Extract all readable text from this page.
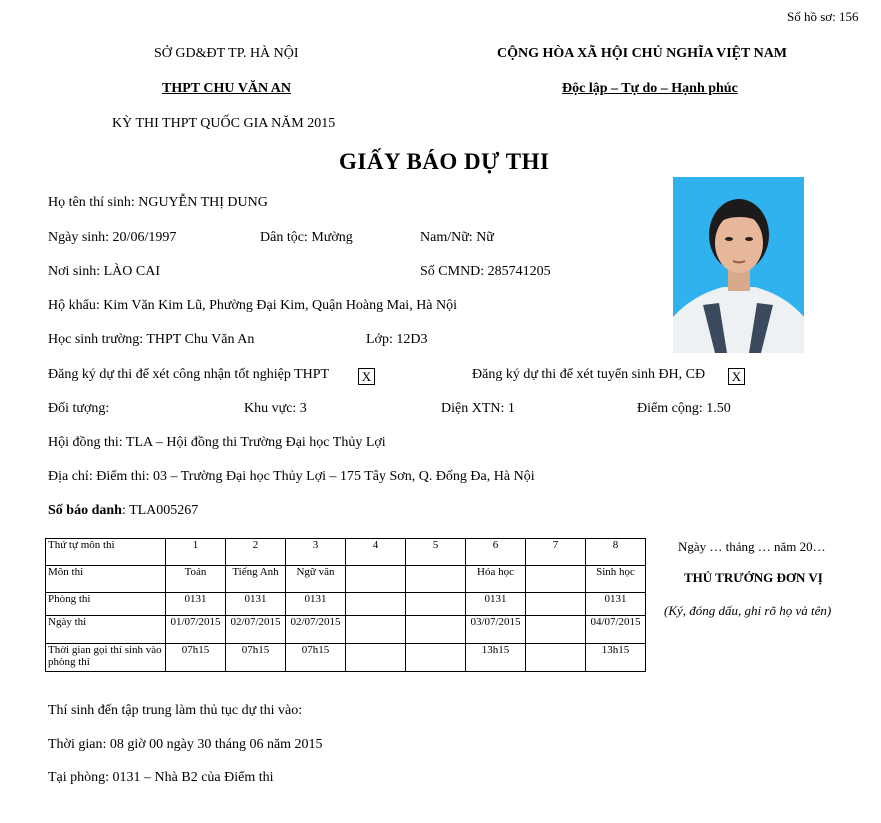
Số hồ sơ: 156
SỞ GD&ĐT TP. HÀ NỘI
THPT CHU VĂN AN
KỲ THI THPT QUỐC GIA NĂM 2015
CỘNG HÒA XÃ HỘI CHỦ NGHĨA VIỆT NAM
Độc lập – Tự do – Hạnh phúc
GIẤY BÁO DỰ THI
Họ tên thí sinh: NGUYỄN THỊ DUNG
Ngày sinh: 20/06/1997	Dân tộc: Mường	Nam/Nữ: Nữ
Nơi sinh: LÀO CAI	Số CMND: 285741205
Hộ khẩu: Kim Văn Kim Lũ, Phường Đại Kim, Quận Hoàng Mai, Hà Nội
Học sinh trường: THPT Chu Văn An	Lớp: 12D3
Đăng ký dự thi để xét công nhận tốt nghiệp THPT	X	Đăng ký dự thi để xét tuyển sinh ĐH, CĐ X
Đối tượng:	Khu vực: 3	Diện XTN: 1	Điểm cộng: 1.50
Hội đồng thi: TLA – Hội đồng thi Trường Đại học Thủy Lợi
Địa chỉ: Điểm thi: 03 – Trường Đại học Thủy Lợi – 175 Tây Sơn, Q. Đống Đa, Hà Nội
Số báo danh: TLA005267
Thứ tự môn thi	1	2	3	4	5	6	7	8
Môn thi	Toán	Tiếng Anh	Ngữ văn			Hóa học		Sinh học
Phòng thi	0131	0131	0131			0131		0131
Ngày thi	01/07/2015	02/07/2015	02/07/2015			03/07/2015		04/07/2015
Thời gian gọi thí sinh vào phòng thi	07h15	07h15	07h15			13h15		13h15
Ngày … tháng … năm 20…
THỦ TRƯỞNG ĐƠN VỊ
(Ký, đóng dấu, ghi rõ họ và tên)
Thí sinh đến tập trung làm thủ tục dự thi vào:
Thời gian: 08 giờ 00 ngày 30 tháng 06 năm 2015
Tại phòng: 0131 – Nhà B2 của Điểm thi
